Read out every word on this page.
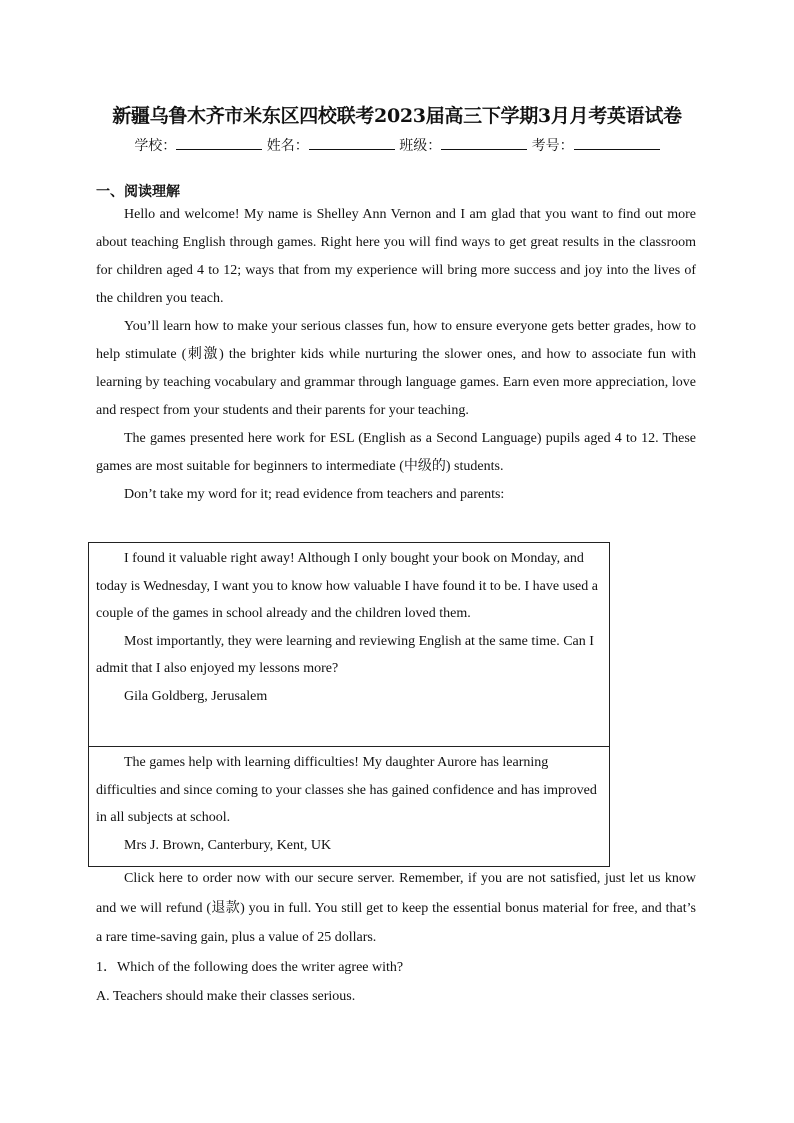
新疆乌鲁木齐市米东区四校联考2023届高三下学期3月月考英语试卷
学校：	姓名：	班级：	考号：
一、阅读理解

Hello and welcome! My name is Shelley Ann Vernon and I am glad that you want to find out more about teaching English through games. Right here you will find ways to get great results in the classroom for children aged 4 to 12; ways that from my experience will bring more success and joy into the lives of the children you teach.

You’ll learn how to make your serious classes fun, how to ensure everyone gets better grades, how to help stimulate (刺激) the brighter kids while nurturing the slower ones, and how to associate fun with learning by teaching vocabulary and grammar through language games. Earn even more appreciation, love and respect from your students and their parents for your teaching.

The games presented here work for ESL (English as a Second Language) pupils aged 4 to 12. These games are most suitable for beginners to intermediate (中级的) students.

Don’t take my word for it; read evidence from teachers and parents:

I found it valuable right away! Although I only bought your book on Monday, and today is Wednesday, I want you to know how valuable I have found it to be. I have used a couple of the games in school already and the children loved them.

Most importantly, they were learning and reviewing English at the same time. Can I admit that I also enjoyed my lessons more?

Gila Goldberg, Jerusalem

The games help with learning difficulties! My daughter Aurore has learning difficulties and since coming to your classes she has gained confidence and has improved in all subjects at school.

Mrs J. Brown, Canterbury, Kent, UK

Click here to order now with our secure server. Remember, if you are not satisfied, just let us know and we will refund (退款) you in full. You still get to keep the essential bonus material for free, and that’s a rare time-saving gain, plus a value of 25 dollars.

1．Which of the following does the writer agree with?

A. Teachers should make their classes serious.
